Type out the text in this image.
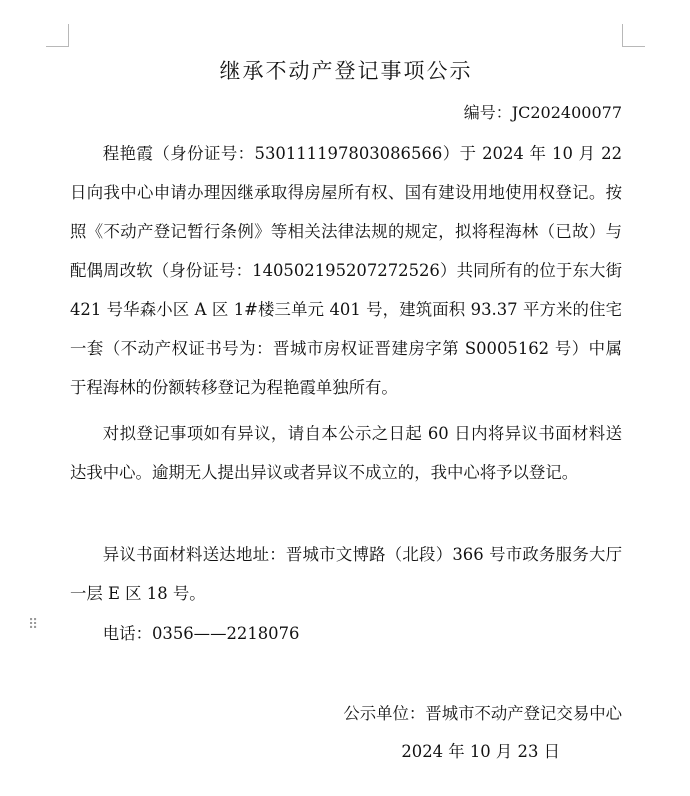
⠿
继承不动产登记事项公示
编号：JC202400077

程艳霞（身份证号：530111197803086566）于 2024 年 10 月 22 日向我中心申请办理因继承取得房屋所有权、国有建设用地使用权登记。按照《不动产登记暂行条例》等相关法律法规的规定，拟将程海林（已故）与配偶周改软（身份证号：140502195207272526）共同所有的位于东大街 421 号华森小区 A 区 1#楼三单元 401 号，建筑面积 93.37 平方米的住宅一套（不动产权证书号为：晋城市房权证晋建房字第 S0005162 号）中属于程海林的份额转移登记为程艳霞单独所有。

对拟登记事项如有异议，请自本公示之日起 60 日内将异议书面材料送达我中心。逾期无人提出异议或者异议不成立的，我中心将予以登记。

异议书面材料送达地址：晋城市文博路（北段）366 号市政务服务大厅一层 E 区 18 号。

电话：0356——2218076

公示单位：晋城市不动产登记交易中心
2024 年 10 月 23 日
